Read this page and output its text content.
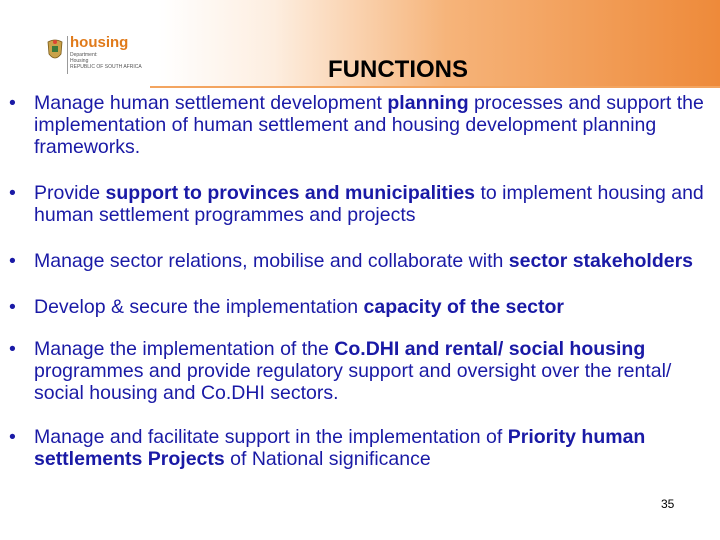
housing
Department:
Housing
REPUBLIC OF SOUTH AFRICA	FUNCTIONS
• Manage human settlement development planning processes and support the implementation of human settlement and housing development planning frameworks.
• Provide support to provinces and municipalities to implement housing and human settlement programmes and projects
• Manage sector relations, mobilise and collaborate with sector stakeholders
• Develop & secure the implementation capacity of the sector
• Manage the implementation of the Co.DHI and rental/ social housing programmes and provide regulatory support and oversight over the rental/ social housing and Co.DHI sectors.
• Manage and facilitate support in the implementation of Priority human settlements Projects of National significance
35
